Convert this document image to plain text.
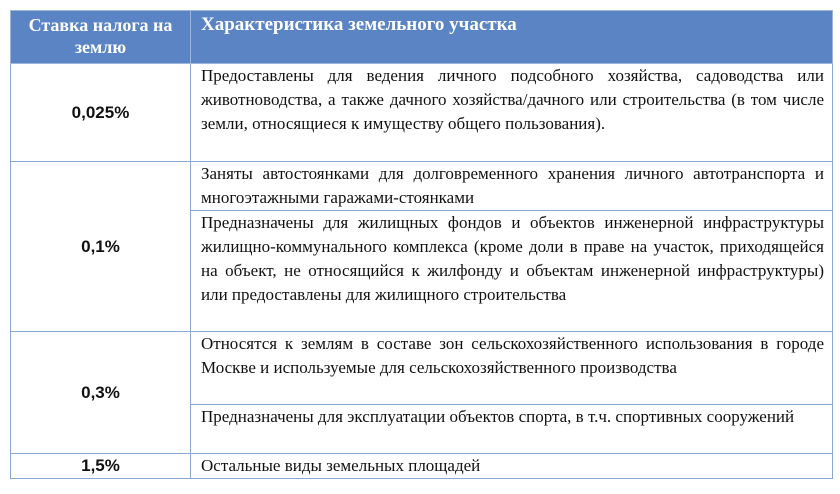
Ставка налога на землю	Характеристика земельного участка
0,025%	Предоставлены для ведения личного подсобного хозяйства, садоводства или животноводства, а также дачного хозяйства/дачного или строительства (в том числе земли, относящиеся к имуществу общего пользования).
0,1%	Заняты автостоянками для долговременного хранения личного автотранспорта и многоэтажными гаражами-стоянками
	Предназначены для жилищных фондов и объектов инженерной инфраструктуры жилищно-коммунального комплекса (кроме доли в праве на участок, приходящейся на объект, не относящийся к жилфонду и объектам инженерной инфраструктуры) или предоставлены для жилищного строительства
0,3%	Относятся к землям в составе зон сельскохозяйственного использования в городе Москве и используемые для сельскохозяйственного производства
	Предназначены для эксплуатации объектов спорта, в т.ч. спортивных сооружений
1,5%	Остальные виды земельных площадей
